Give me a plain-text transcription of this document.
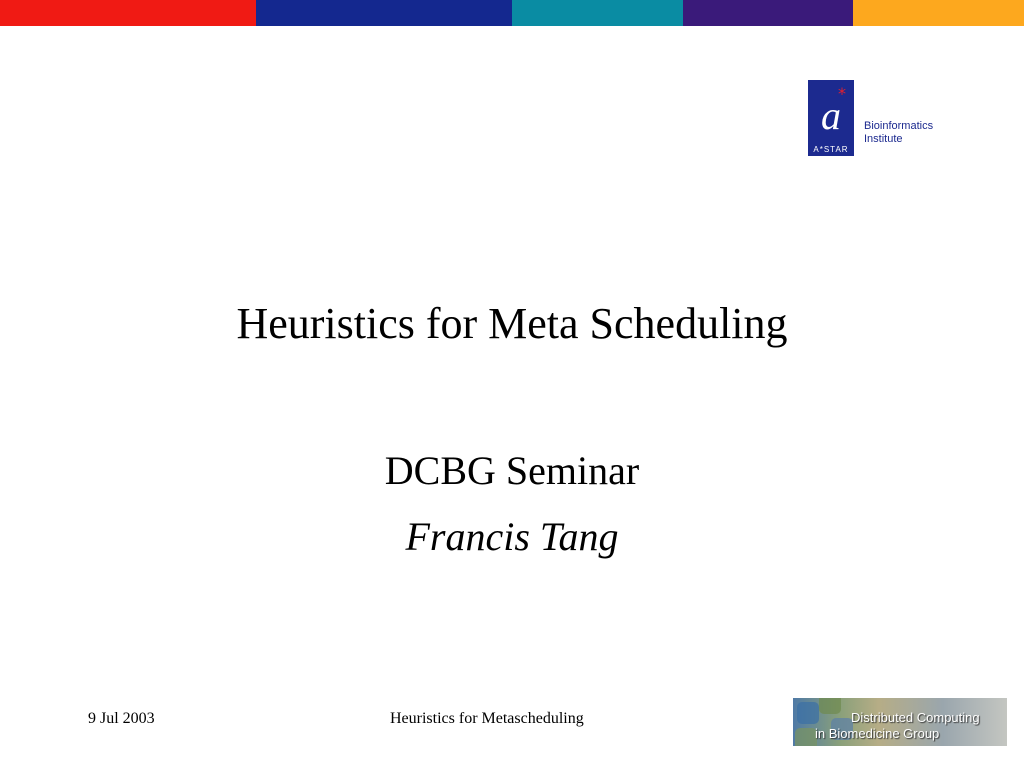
a
*
A*STAR
Bioinformatics
Institute
Heuristics for Meta Scheduling
DCBG Seminar
Francis Tang
9 Jul 2003	Heuristics for Metascheduling	Distributed Computing
in Biomedicine Group
